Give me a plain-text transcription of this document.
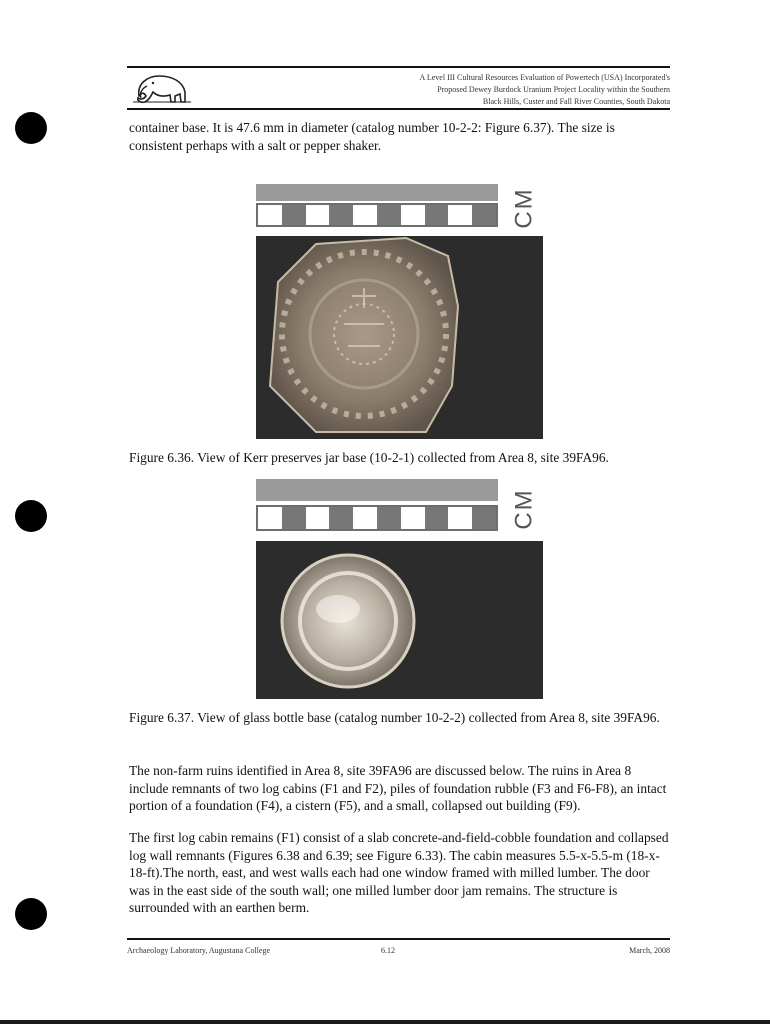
A Level III Cultural Resources Evaluation of Powertech (USA) Incorporated's
Proposed Dewey Burdock Uranium Project Locality within the Southern
Black Hills, Custer and Fall River Counties, South Dakota
container base. It is 47.6 mm in diameter (catalog number 10-2-2: Figure 6.37). The size is consistent perhaps with a salt or pepper shaker.
CM
Figure 6.36. View of Kerr preserves jar base (10-2-1) collected from Area 8, site 39FA96.
CM
Figure 6.37. View of glass bottle base (catalog number 10-2-2) collected from Area 8, site 39FA96.
The non-farm ruins identified in Area 8, site 39FA96 are discussed below. The ruins in Area 8 include remnants of two log cabins (F1 and F2), piles of foundation rubble (F3 and F6-F8), an intact portion of a foundation (F4), a cistern (F5), and a small, collapsed out building (F9).
The first log cabin remains (F1) consist of a slab concrete-and-field-cobble foundation and collapsed log wall remnants (Figures 6.38 and 6.39; see Figure 6.33). The cabin measures 5.5-x-5.5-m (18-x-18-ft).The north, east, and west walls each had one window framed with milled lumber. The door was in the east side of the south wall; one milled lumber door jam remains. The structure is surrounded with an earthen berm.
Archaeology Laboratory, Augustana College	6.12	March, 2008
